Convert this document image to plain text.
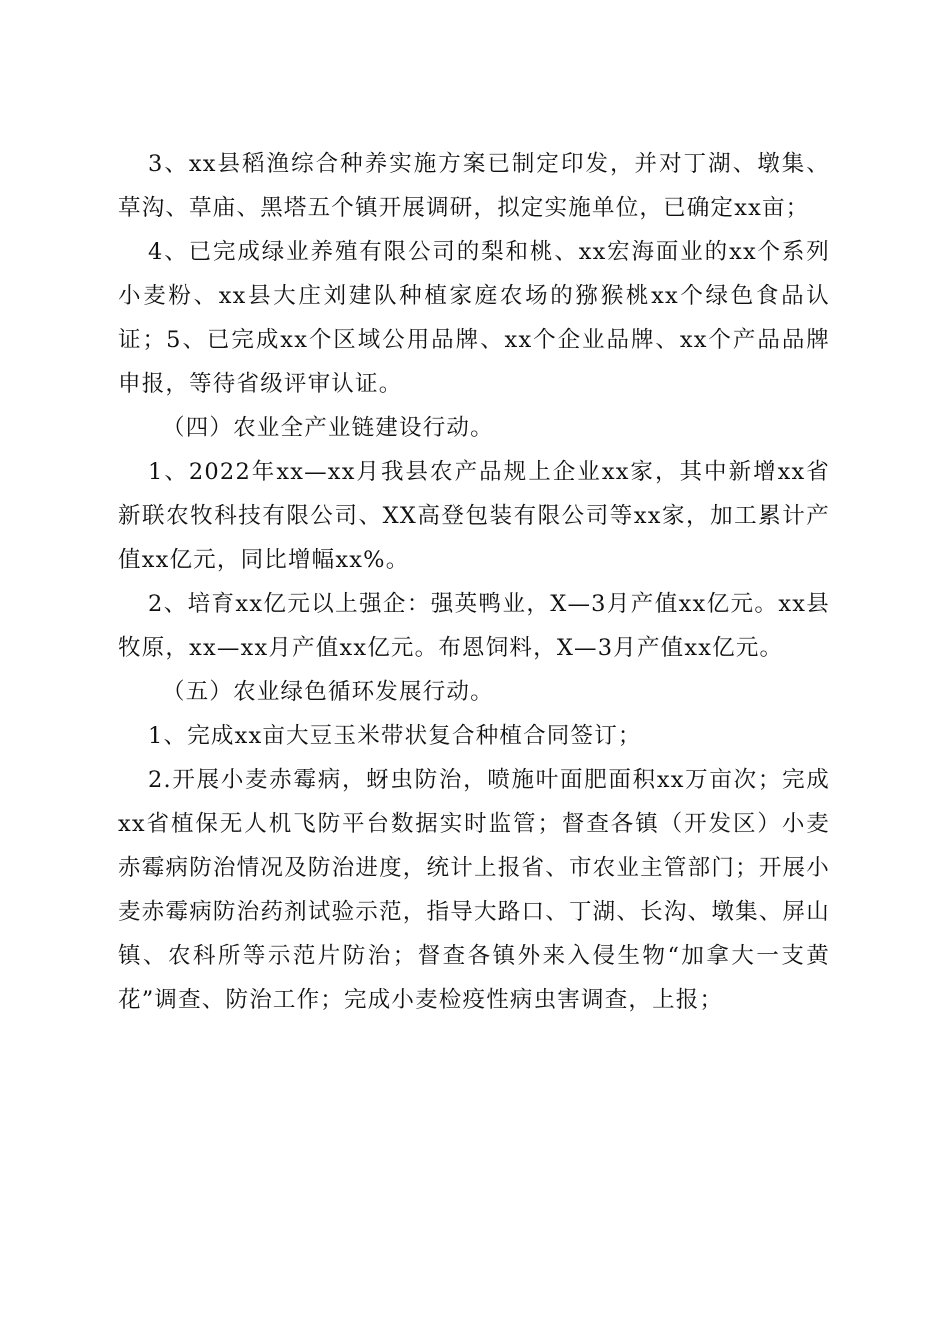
3、xx县稻渔综合种养实施方案已制定印发，并对丁湖、墩集、草沟、草庙、黑塔五个镇开展调研，拟定实施单位，已确定xx亩；

4、已完成绿业养殖有限公司的梨和桃、xx宏海面业的xx个系列小麦粉、xx县大庄刘建队种植家庭农场的猕猴桃xx个绿色食品认证；5、已完成xx个区域公用品牌、xx个企业品牌、xx个产品品牌申报，等待省级评审认证。

（四）农业全产业链建设行动。

1、2022年xx—xx月我县农产品规上企业xx家，其中新增xx省新联农牧科技有限公司、XX高登包装有限公司等xx家，加工累计产值xx亿元，同比增幅xx%。

2、培育xx亿元以上强企：强英鸭业，X—3月产值xx亿元。xx县牧原，xx—xx月产值xx亿元。布恩饲料，X—3月产值xx亿元。

（五）农业绿色循环发展行动。

1、完成xx亩大豆玉米带状复合种植合同签订；

2.开展小麦赤霉病，蚜虫防治，喷施叶面肥面积xx万亩次；完成xx省植保无人机飞防平台数据实时监管；督查各镇（开发区）小麦赤霉病防治情况及防治进度，统计上报省、市农业主管部门；开展小麦赤霉病防治药剂试验示范，指导大路口、丁湖、长沟、墩集、屏山镇、农科所等示范片防治；督查各镇外来入侵生物“加拿大一支黄花”调查、防治工作；完成小麦检疫性病虫害调查，上报；
